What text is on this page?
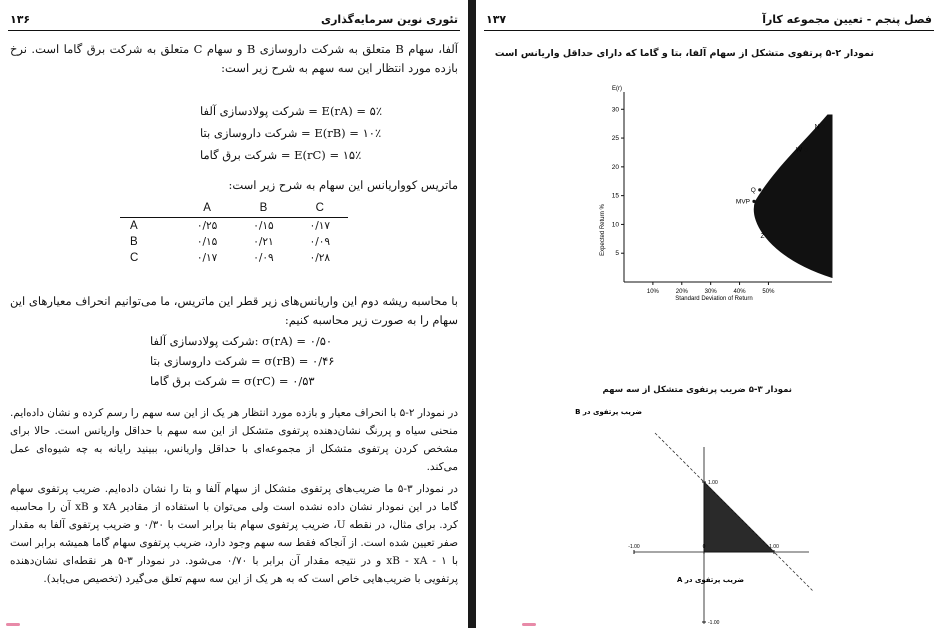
تئوری نوین سرمایه‌گذاری
۱۳۶
آلفا، سهام B متعلق به شرکت داروسازی B و سهام C متعلق به شرکت برق گاما است. نرخ بازده مورد انتظار این سه سهم به شرح زیر است:
۵٪ = E(rA) = شرکت پولادسازی آلفا
۱۰٪ = E(rB) = شرکت داروسازی بتا
۱۵٪ = E(rC) = شرکت برق گاما
ماتریس کوواریانس این سهام به شرح زیر است:
	A	B	C
A	۰/۲۵	۰/۱۵	۰/۱۷
B	۰/۱۵	۰/۲۱	۰/۰۹
C	۰/۱۷	۰/۰۹	۰/۲۸
با محاسبه ریشه دوم این واریانس‌های زیر قطر این ماتریس، ما می‌توانیم انحراف معیارهای این سهام را به صورت زیر محاسبه کنیم:
σ(rA) = ۰/۵۰ :شرکت پولادسازی آلفا
σ(rB) = ۰/۴۶ = شرکت داروسازی بتا
σ(rC) = ۰/۵۳ = شرکت برق گاما
در نمودار ۲-۵ با انحراف معیار و بازده مورد انتظار هر یک از این سه سهم را رسم کرده و نشان داده‌ایم. منحنی سیاه و پررنگ نشان‌دهنده پرتفوی متشکل از این سه سهم با حداقل واریانس است. حالا برای مشخص کردن پرتفوی متشکل از مجموعه‌ای با حداقل واریانس، ببینید رایانه به چه شیوه‌ای عمل می‌کند.
در نمودار ۳-۵ ما ضریب‌های پرتفوی متشکل از سهام آلفا و بتا را نشان داده‌ایم. ضریب پرتفوی سهام گاما در این نمودار نشان داده نشده است ولی می‌توان با استفاده از مقادیر xA و xB آن را محاسبه کرد. برای مثال، در نقطه U، ضریب پرتفوی سهام بتا برابر است با ۰/۳۰ و ضریب پرتفوی آلفا به مقدار صفر تعیین شده است. از آنجاکه فقط سه سهم وجود دارد، ضریب پرتفوی سهام گاما همیشه برابر است با xB - xA - ۱ و در نتیجه مقدار آن برابر با ۰/۷۰ می‌شود. در نمودار ۳-۵ هر نقطه‌ای نشان‌دهنده پرتفویی با ضریب‌هایی خاص است که به هر یک از این سه سهم تعلق می‌گیرد (تخصیص می‌یابد).
فصل پنجم - تعیین مجموعه کارآ
۱۳۷
نمودار ۲-۵ پرتفوی متشکل از سهام آلفا، بتا و گاما که دارای حداقل واریانس است
5
10
15
20
25
30
10%	20%	30%	40%	50%
N
W
Q
MVP
Z
E(r)
Expected Return %
Standard Deviation of Return
نمودار ۳-۵ ضریب پرتفوی متشکل از سه سهم
-1.00	0	1.00
1.00
-1.00
ضریب پرتفوی در B
ضریب پرتفوی در A
